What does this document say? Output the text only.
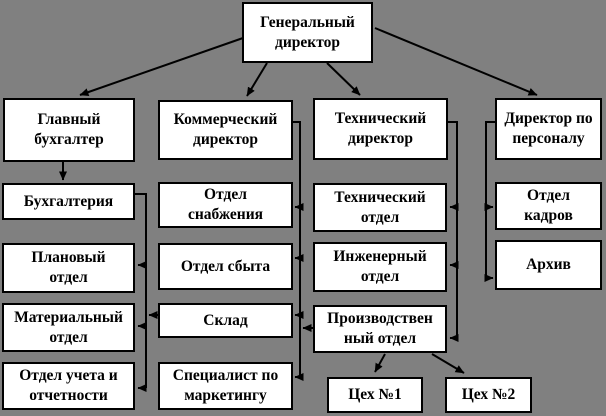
Генеральный
директор
Главный
бухгалтер
Коммерческий
директор
Технический
директор
Директор по
персоналу
Бухгалтерия	Отдел
снабжения
Технический
отдел
Отдел
кадров
Плановый
отдел
Отдел сбыта
Инженерный
отдел
Архив
Материальный
отдел
Склад	Производствен
ный отдел
Отдел учета и
отчетности
Специалист по
маркетингу	Цех №1	Цех №2
